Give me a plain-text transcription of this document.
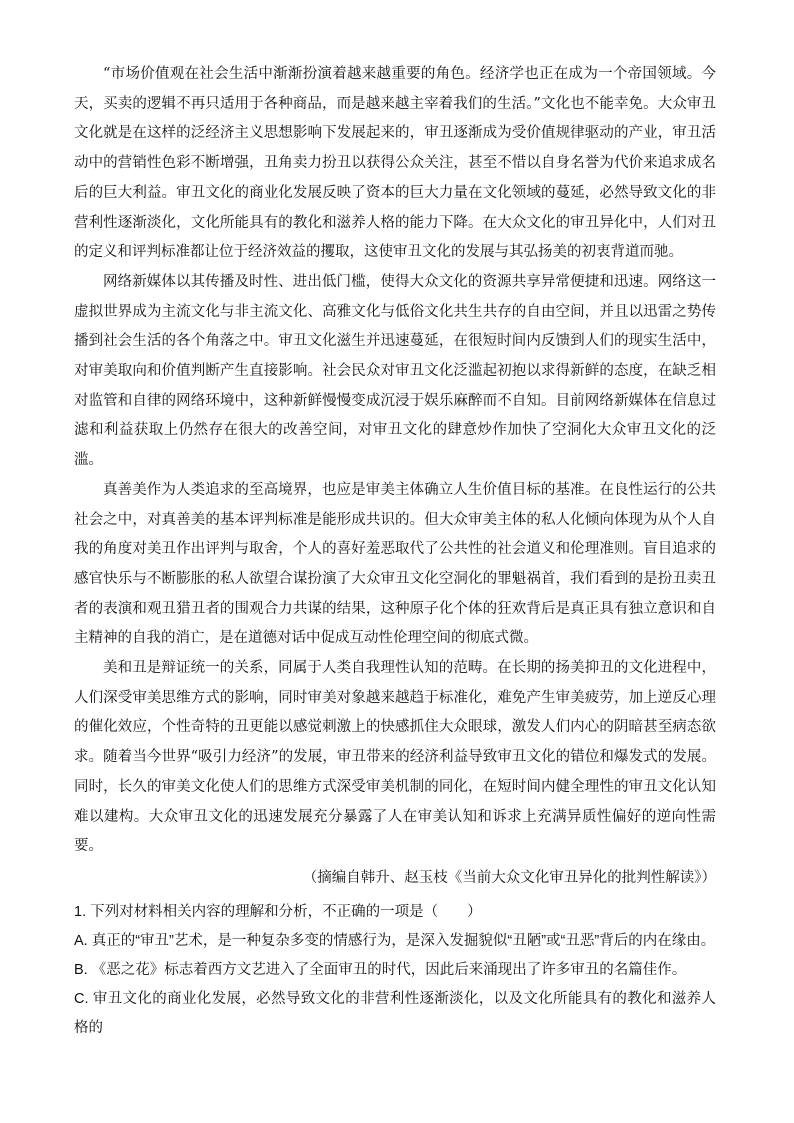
“市场价值观在社会生活中渐渐扮演着越来越重要的角色。经济学也正在成为一个帝国领域。今天，买卖的逻辑不再只适用于各种商品，而是越来越主宰着我们的生活。”文化也不能幸免。大众审丑文化就是在这样的泛经济主义思想影响下发展起来的，审丑逐渐成为受价值规律驱动的产业，审丑活动中的营销性色彩不断增强，丑角卖力扮丑以获得公众关注，甚至不惜以自身名誉为代价来追求成名后的巨大利益。审丑文化的商业化发展反映了资本的巨大力量在文化领域的蔓延，必然导致文化的非营利性逐渐淡化，文化所能具有的教化和滋养人格的能力下降。在大众文化的审丑异化中，人们对丑的定义和评判标准都让位于经济效益的攫取，这使审丑文化的发展与其弘扬美的初衷背道而驰。

网络新媒体以其传播及时性、进出低门槛，使得大众文化的资源共享异常便捷和迅速。网络这一虚拟世界成为主流文化与非主流文化、高雅文化与低俗文化共生共存的自由空间，并且以迅雷之势传播到社会生活的各个角落之中。审丑文化滋生并迅速蔓延，在很短时间内反馈到人们的现实生活中，对审美取向和价值判断产生直接影响。社会民众对审丑文化泛滥起初抱以求得新鲜的态度，在缺乏相对监管和自律的网络环境中，这种新鲜慢慢变成沉浸于娱乐麻醉而不自知。目前网络新媒体在信息过滤和利益获取上仍然存在很大的改善空间，对审丑文化的肆意炒作加快了空洞化大众审丑文化的泛滥。

真善美作为人类追求的至高境界，也应是审美主体确立人生价值目标的基准。在良性运行的公共社会之中，对真善美的基本评判标准是能形成共识的。但大众审美主体的私人化倾向体现为从个人自我的角度对美丑作出评判与取舍，个人的喜好羞恶取代了公共性的社会道义和伦理准则。盲目追求的感官快乐与不断膨胀的私人欲望合谋扮演了大众审丑文化空洞化的罪魁祸首，我们看到的是扮丑卖丑者的表演和观丑猎丑者的围观合力共谋的结果，这种原子化个体的狂欢背后是真正具有独立意识和自主精神的自我的消亡，是在道德对话中促成互动性伦理空间的彻底式微。

美和丑是辩证统一的关系，同属于人类自我理性认知的范畴。在长期的扬美抑丑的文化进程中，人们深受审美思维方式的影响，同时审美对象越来越趋于标准化，难免产生审美疲劳，加上逆反心理的催化效应，个性奇特的丑更能以感觉刺激上的快感抓住大众眼球，激发人们内心的阴暗甚至病态欲求。随着当今世界“吸引力经济”的发展，审丑带来的经济利益导致审丑文化的错位和爆发式的发展。同时，长久的审美文化使人们的思维方式深受审美机制的同化，在短时间内健全理性的审丑文化认知难以建构。大众审丑文化的迅速发展充分暴露了人在审美认知和诉求上充满异质性偏好的逆向性需要。

（摘编自韩升、赵玉枝《当前大众文化审丑异化的批判性解读》）

1. 下列对材料相关内容的理解和分析，不正确的一项是（　　）

A. 真正的“审丑”艺术，是一种复杂多变的情感行为，是深入发掘貌似“丑陋”或“丑恶”背后的内在缘由。

B. 《恶之花》标志着西方文艺进入了全面审丑的时代，因此后来涌现出了许多审丑的名篇佳作。

C. 审丑文化的商业化发展，必然导致文化的非营利性逐渐淡化，以及文化所能具有的教化和滋养人格的
